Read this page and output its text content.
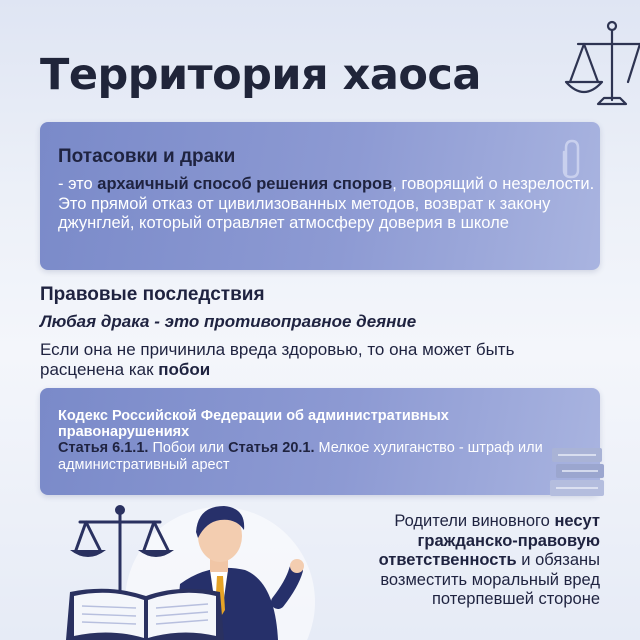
Территория хаоса
Потасовки и драки

- это архаичный способ решения споров, говорящий о незрелости. Это прямой отказ от цивилизованных методов, возврат к закону джунглей, который отравляет атмосферу доверия в школе

Правовые последствия

Любая драка - это противоправное деяние

Если она не причинила вреда здоровью, то она может быть расценена как побои

Кодекс Российской Федерации об административных правонарушениях

Статья 6.1.1. Побои или Статья 20.1. Мелкое хулиганство - штраф или административный арест

Родители виновного несут гражданско-правовую ответственность и обязаны возместить моральный вред потерпевшей стороне
